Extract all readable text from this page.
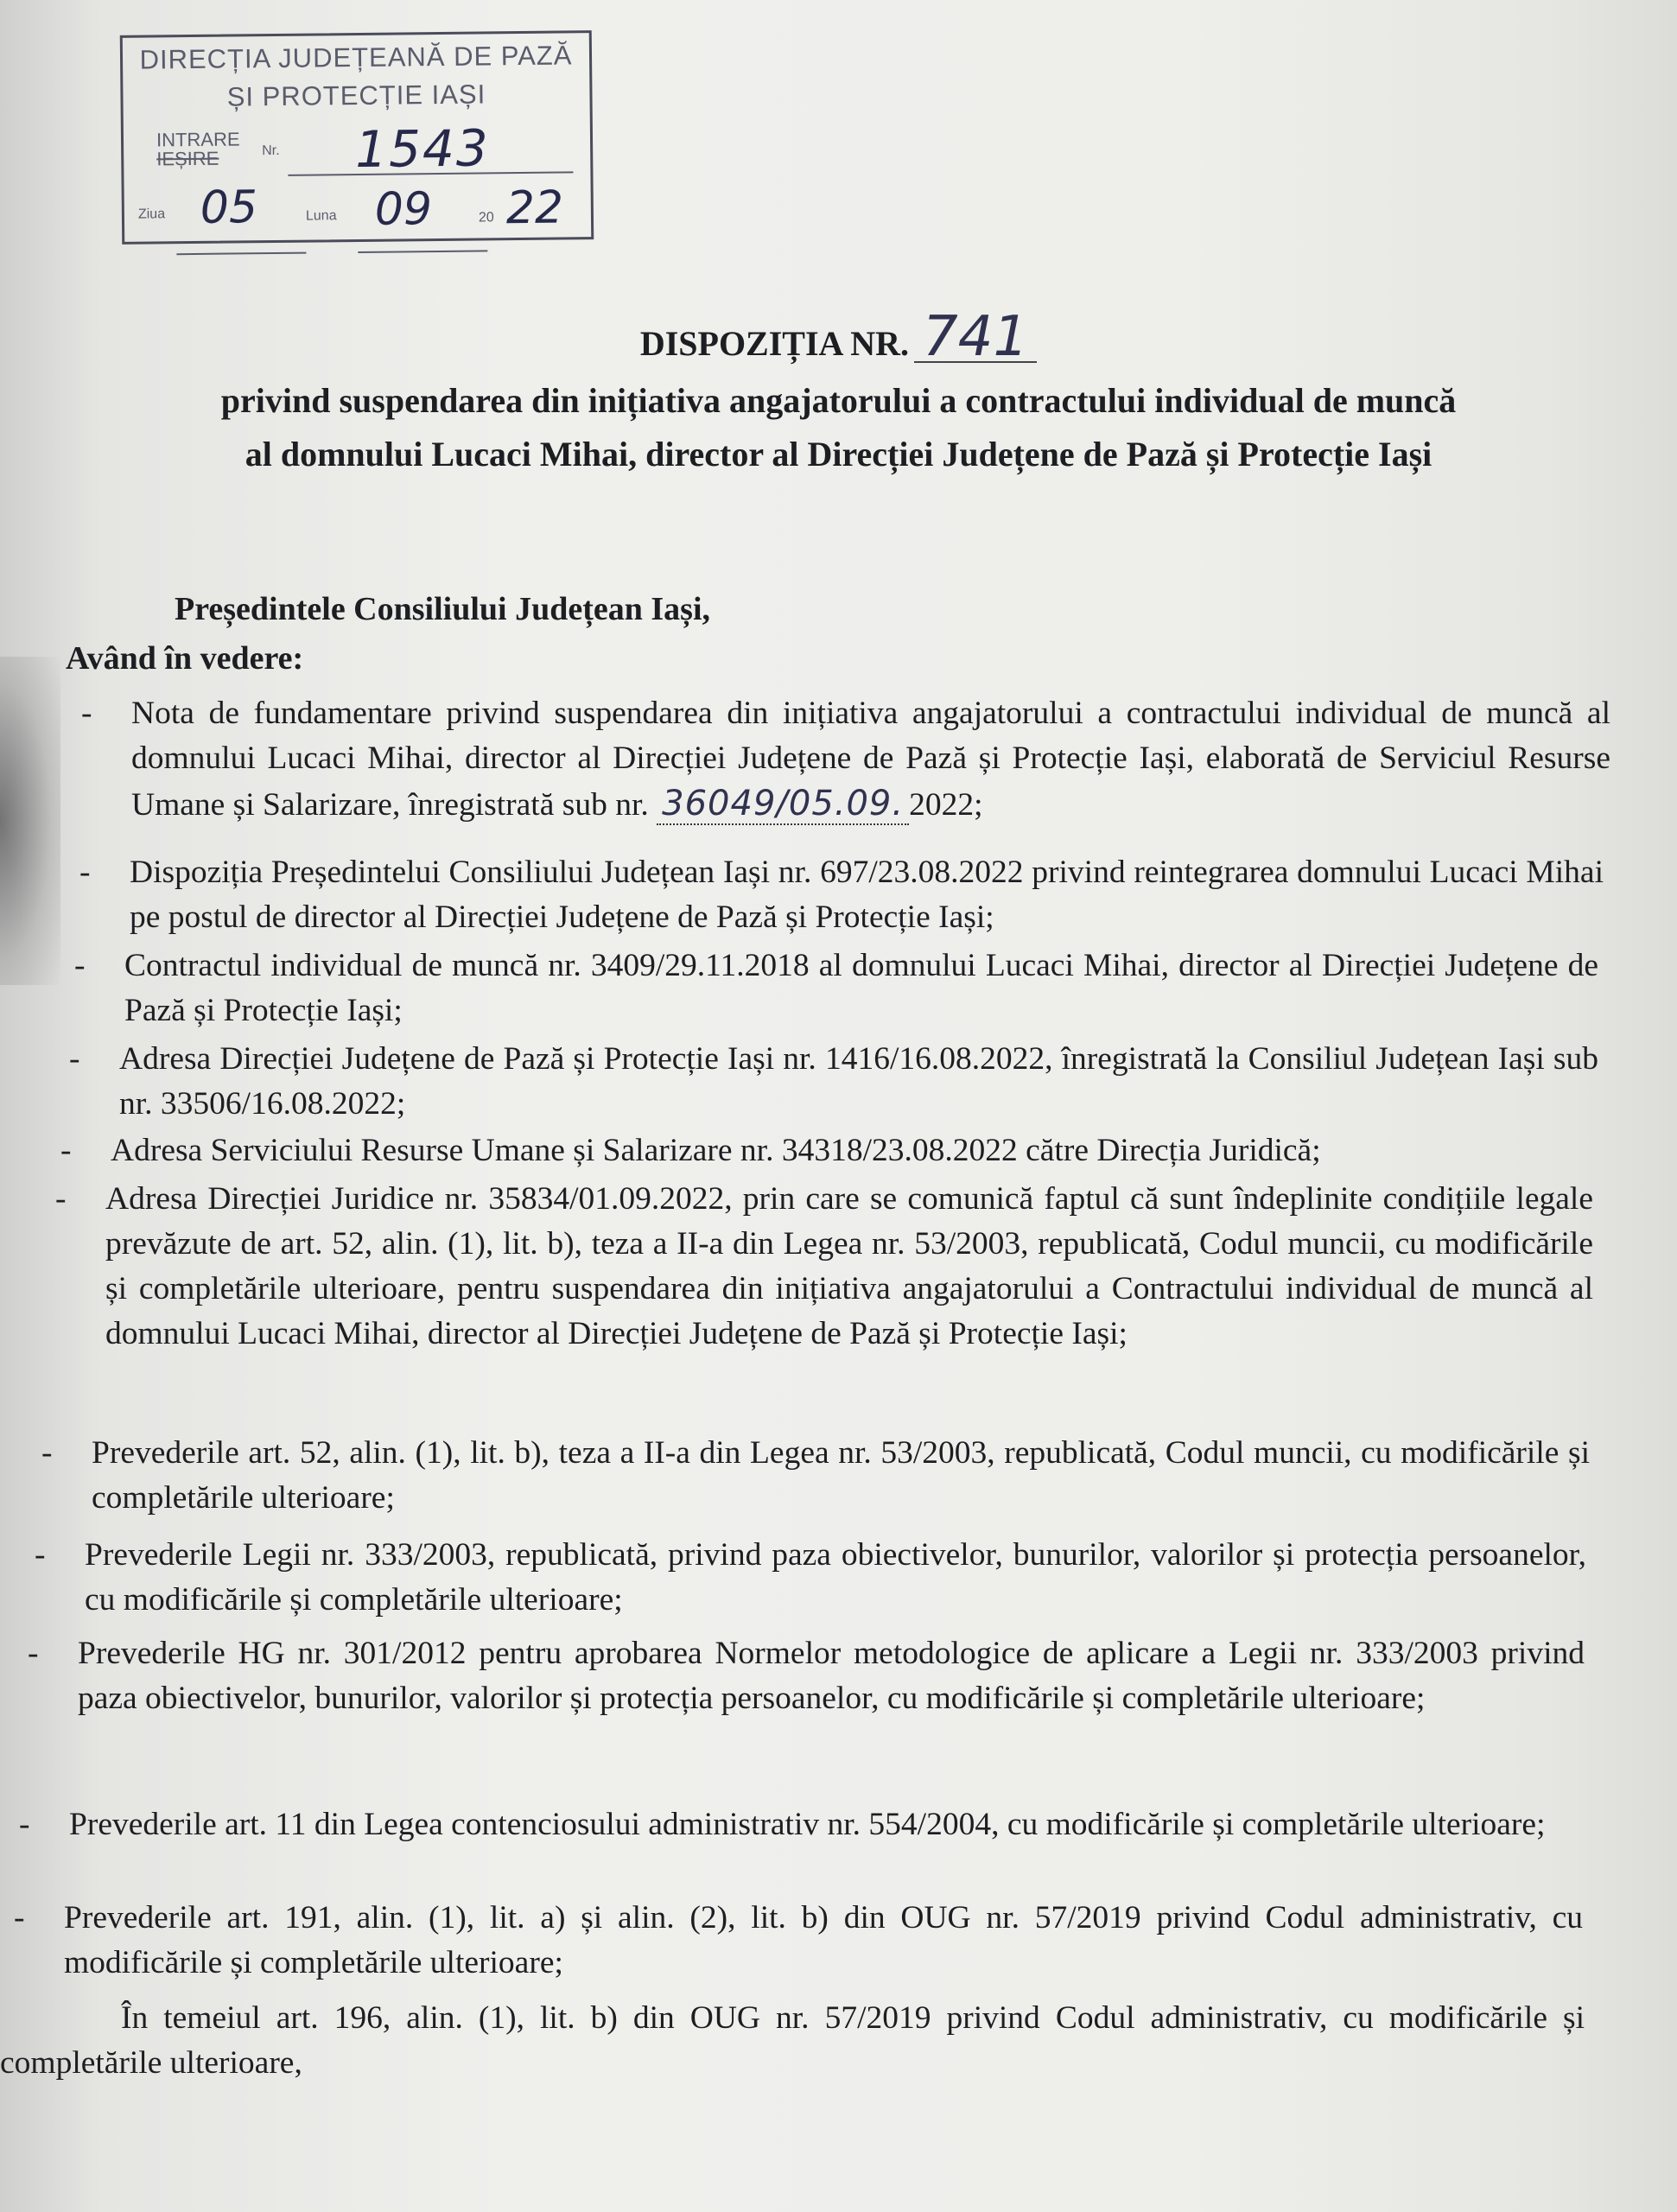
DIRECȚIA JUDEȚEANĂ DE PAZĂ
ȘI PROTECȚIE IAȘI
INTRARE
IEȘIRE	Nr. 1543
Ziua 05	Luna 09	20 22
DISPOZIȚIA NR. 741
privind suspendarea din inițiativa angajatorului a contractului individual de muncă
al domnului Lucaci Mihai, director al Direcției Județene de Pază și Protecție Iași
Președintele Consiliului Județean Iași,
Având în vedere:
- Nota de fundamentare privind suspendarea din inițiativa angajatorului a contractului individual de muncă al domnului Lucaci Mihai, director al Direcției Județene de Pază și Protecție Iași, elaborată de Serviciul Resurse Umane și Salarizare, înregistrată sub nr. 36049/05.09. 2022;
- Dispoziția Președintelui Consiliului Județean Iași nr. 697/23.08.2022 privind reintegrarea domnului Lucaci Mihai pe postul de director al Direcției Județene de Pază și Protecție Iași;
- Contractul individual de muncă nr. 3409/29.11.2018 al domnului Lucaci Mihai, director al Direcției Județene de Pază și Protecție Iași;
- Adresa Direcției Județene de Pază și Protecție Iași nr. 1416/16.08.2022, înregistrată la Consiliul Județean Iași sub nr. 33506/16.08.2022;
- Adresa Serviciului Resurse Umane și Salarizare nr. 34318/23.08.2022 către Direcția Juridică;
- Adresa Direcției Juridice nr. 35834/01.09.2022, prin care se comunică faptul că sunt îndeplinite condițiile legale prevăzute de art. 52, alin. (1), lit. b), teza a II-a din Legea nr. 53/2003, republicată, Codul muncii, cu modificările și completările ulterioare, pentru suspendarea din inițiativa angajatorului a Contractului individual de muncă al domnului Lucaci Mihai, director al Direcției Județene de Pază și Protecție Iași;
- Prevederile art. 52, alin. (1), lit. b), teza a II-a din Legea nr. 53/2003, republicată, Codul muncii, cu modificările și completările ulterioare;
- Prevederile Legii nr. 333/2003, republicată, privind paza obiectivelor, bunurilor, valorilor și protecția persoanelor, cu modificările și completările ulterioare;
- Prevederile HG nr. 301/2012 pentru aprobarea Normelor metodologice de aplicare a Legii nr. 333/2003 privind paza obiectivelor, bunurilor, valorilor și protecția persoanelor, cu modificările și completările ulterioare;
- Prevederile art. 11 din Legea contenciosului administrativ nr. 554/2004, cu modificările și completările ulterioare;
- Prevederile art. 191, alin. (1), lit. a) și alin. (2), lit. b) din OUG nr. 57/2019 privind Codul administrativ, cu modificările și completările ulterioare;
În temeiul art. 196, alin. (1), lit. b) din OUG nr. 57/2019 privind Codul administrativ, cu modificările și completările ulterioare,
